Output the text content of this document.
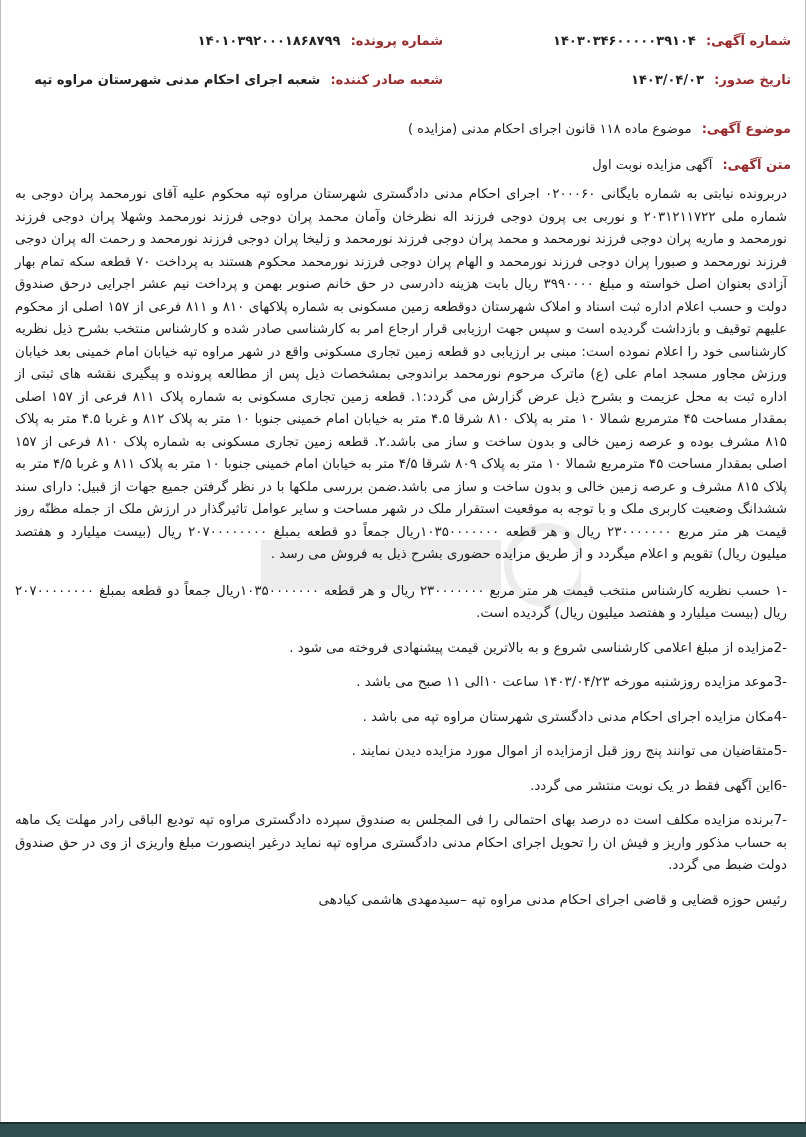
شماره آگهی: ۱۴۰۳۰۳۴۶۰۰۰۰۰۳۹۱۰۴
شماره پرونده: ۱۴۰۱۰۳۹۲۰۰۰۱۸۶۸۷۹۹
تاریخ صدور: ۱۴۰۳/۰۴/۰۳
شعبه صادر کننده: شعبه اجرای احکام مدنی شهرستان مراوه تپه
موضوع آگهی: موضوع ماده ۱۱۸ قانون اجرای احکام مدنی (مزایده )
متن آگهی: آگهی مزایده نوبت اول

دربرونده نیابتی به شماره بایگانی ۰۲۰۰۰۶۰ اجرای احکام مدنی دادگستری شهرستان مراوه تپه محکوم علیه آقای نورمحمد پران دوجی به شماره ملی ۲۰۳۱۲۱۱۷۲۲ و نوربی بی پرون دوجی فرزند اله نظرخان وآمان محمد پران دوجی فرزند نورمحمد وشهلا پران دوجی فرزند نورمحمد و ماریه پران دوجی فرزند نورمحمد و محمد پران دوجی فرزند نورمحمد و زلیخا پران دوجی فرزند نورمحمد و رحمت اله پران دوجی فرزند نورمحمد و صبورا پران دوجی فرزند نورمحمد و الهام پران دوجی فرزند نورمحمد محکوم هستند به پرداخت ۷۰ قطعه سکه تمام بهار آزادی بعنوان اصل خواسته و مبلغ ۳۹۹۰۰۰۰ ریال بابت هزینه دادرسی در حق خانم صنوبر بهمن و پرداخت نیم عشر اجرایی درحق صندوق دولت و حسب اعلام اداره ثبت اسناد و املاک شهرستان دوقطعه زمین مسکونی به شماره پلاکهای ۸۱۰ و ۸۱۱ فرعی از ۱۵۷ اصلی از محکوم علیهم توقیف و بازداشت گردیده است و سپس جهت ارزیابی قرار ارجاع امر به کارشناسی صادر شده و کارشناس منتخب بشرح ذیل نظریه کارشناسی خود را اعلام نموده است: مبنی بر ارزیابی دو قطعه زمین تجاری مسکونی واقع در شهر مراوه تپه خیابان امام خمینی بعد خیابان ورزش مجاور مسجد امام علی (ع) ماترک مرحوم نورمحمد براندوجی بمشخصات ذیل پس از مطالعه پرونده و پیگیری نقشه های ثبتی از اداره ثبت به محل عزیمت و بشرح ذیل عرض گزارش می گردد:۱. قطعه زمین تجاری مسکونی به شماره پلاک ۸۱۱ فرعی از ۱۵۷ اصلی بمقدار مساحت ۴۵ مترمربع شمالا ۱۰ متر به پلاک ۸۱۰ شرقا ۴.۵ متر به خیابان امام خمینی جنوبا ۱۰ متر به پلاک ۸۱۲ و غربا ۴.۵ متر به پلاک ۸۱۵ مشرف بوده و عرصه زمین خالی و بدون ساخت و ساز می باشد.۲. قطعه زمین تجاری مسکونی به شماره پلاک ۸۱۰ فرعی از ۱۵۷ اصلی بمقدار مساحت ۴۵ مترمربع شمالا ۱۰ متر به پلاک ۸۰۹ شرقا ۴/۵ متر به خیابان امام خمینی جنوبا ۱۰ متر به پلاک ۸۱۱ و غربا ۴/۵ متر به پلاک ۸۱۵ مشرف و عرصه زمین خالی و بدون ساخت و ساز می باشد.ضمن بررسی ملکها با در نظر گرفتن جمیع جهات از قبیل: دارای سند ششدانگ وضعیت کاربری ملک و با توجه به موقعیت استقرار ملک در شهر مساحت و سایر عوامل تاثیرگذار در ارزش ملک از جمله مظنّه روز قیمت هر متر مربع ۲۳۰۰۰۰۰۰۰ ریال و هر قطعه ۱۰۳۵۰۰۰۰۰۰۰ریال جمعاً دو قطعه بمبلغ ۲۰۷۰۰۰۰۰۰۰۰ ریال (بیست میلیارد و هفتصد میلیون ریال) تقویم و اعلام میگردد و از طریق مزایده حضوری بشرح ذیل به فروش می رسد .

-۱ حسب نظریه کارشناس منتخب قیمت هر متر مربع ۲۳۰۰۰۰۰۰۰ ریال و هر قطعه ۱۰۳۵۰۰۰۰۰۰۰ریال جمعاً دو قطعه بمبلغ ۲۰۷۰۰۰۰۰۰۰۰ ریال (بیست میلیارد و هفتصد میلیون ریال) گردیده است.

-2مزایده از مبلغ اعلامی کارشناسی شروع و به بالاترین قیمت پیشنهادی فروخته می شود .

-3موعد مزایده روزشنبه مورخه ۱۴۰۳/۰۴/۲۳ ساعت ۱۰الی ۱۱ صبح می باشد .

-4مکان مزایده اجرای احکام مدنی دادگستری شهرستان مراوه تپه می باشد .

-5متقاضیان می توانند پنج روز قبل ازمزایده از اموال مورد مزایده دیدن نمایند .

-6این آگهی فقط در یک نوبت منتشر می گردد.

-7برنده مزایده مکلف است ده درصد بهای احتمالی را فی المجلس به صندوق سپرده دادگستری مراوه تپه تودیع الباقی رادر مهلت یک ماهه به حساب مذکور واریز و فیش ان را تحویل اجرای احکام مدنی دادگستری مراوه تپه نماید درغیر اینصورت مبلغ واریزی از وی در حق صندوق دولت ضبط می گردد.

رئیس حوزه قضایی و قاضی اجرای احکام مدنی مراوه تپه –سیدمهدی هاشمی کیادهی
